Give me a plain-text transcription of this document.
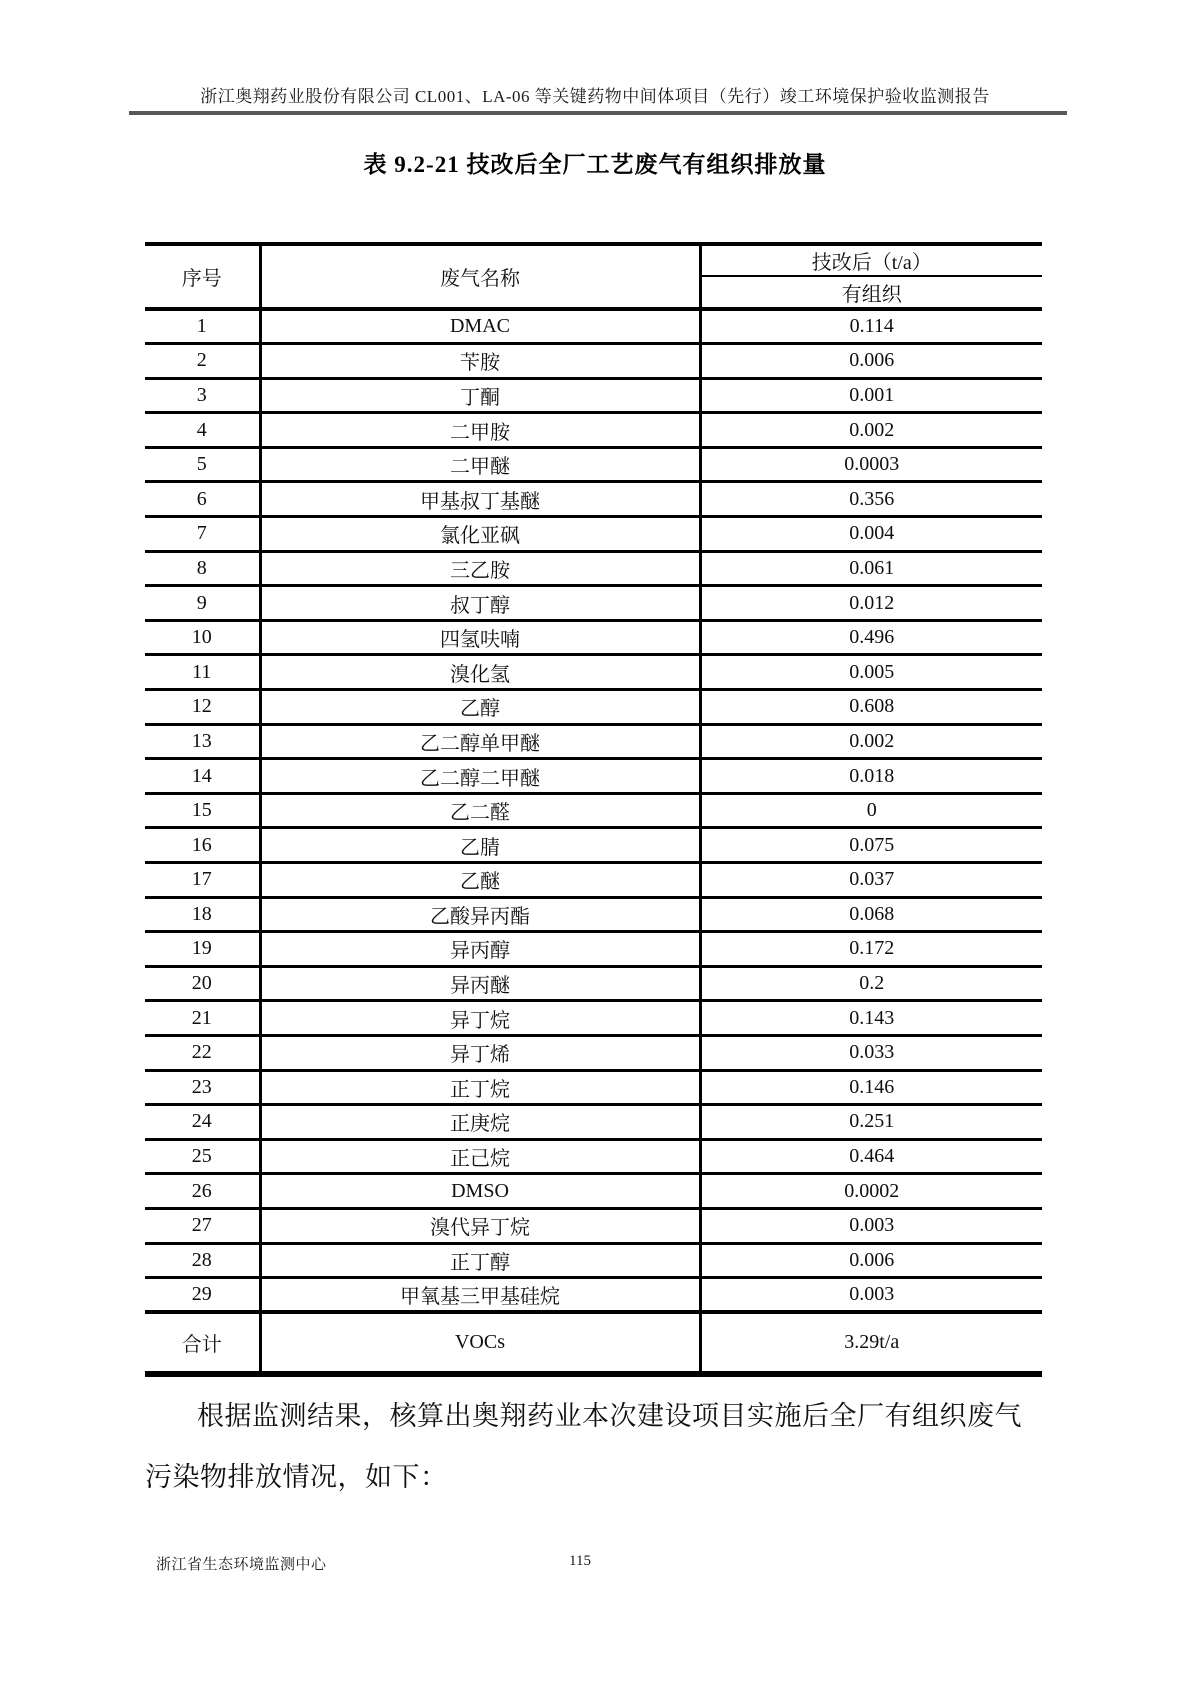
浙江奥翔药业股份有限公司 CL001、LA-06 等关键药物中间体项目（先行）竣工环境保护验收监测报告
表 9.2-21 技改后全厂工艺废气有组织排放量
序号	废气名称	技改后（t/a）
		有组织
1	DMAC	0.114
2	苄胺	0.006
3	丁酮	0.001
4	二甲胺	0.002
5	二甲醚	0.0003
6	甲基叔丁基醚	0.356
7	氯化亚砜	0.004
8	三乙胺	0.061
9	叔丁醇	0.012
10	四氢呋喃	0.496
11	溴化氢	0.005
12	乙醇	0.608
13	乙二醇单甲醚	0.002
14	乙二醇二甲醚	0.018
15	乙二醛	0
16	乙腈	0.075
17	乙醚	0.037
18	乙酸异丙酯	0.068
19	异丙醇	0.172
20	异丙醚	0.2
21	异丁烷	0.143
22	异丁烯	0.033
23	正丁烷	0.146
24	正庚烷	0.251
25	正己烷	0.464
26	DMSO	0.0002
27	溴代异丁烷	0.003
28	正丁醇	0.006
29	甲氧基三甲基硅烷	0.003
合计	VOCs	3.29t/a
根据监测结果，核算出奥翔药业本次建设项目实施后全厂有组织废气
污染物排放情况，如下：
浙江省生态环境监测中心	115
